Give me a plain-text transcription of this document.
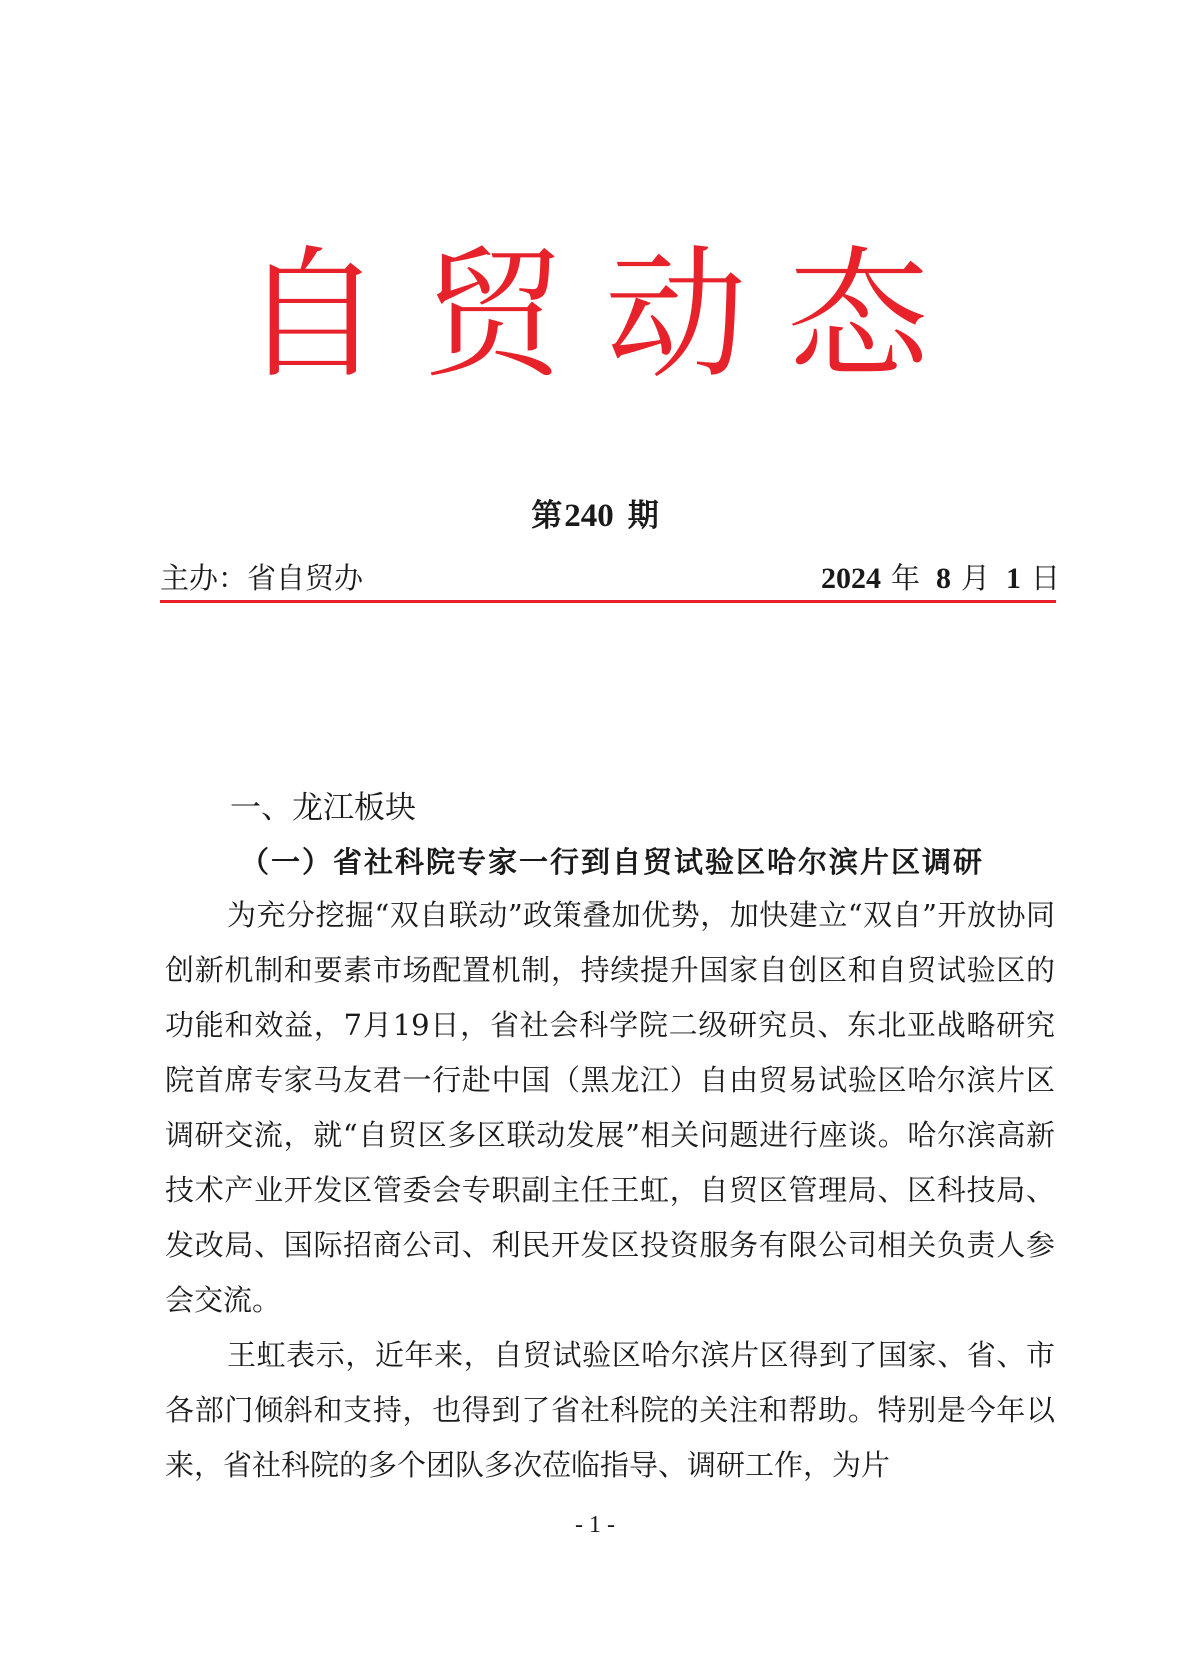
自贸动态
第240 期
主办：省自贸办	2024 年 8 月 1 日
一、龙江板块
（一）省社科院专家一行到自贸试验区哈尔滨片区调研

为充分挖掘“双自联动”政策叠加优势，加快建立“双自”开放协同创新机制和要素市场配置机制，持续提升国家自创区和自贸试验区的功能和效益，7月19日，省社会科学院二级研究员、东北亚战略研究院首席专家马友君一行赴中国（黑龙江）自由贸易试验区哈尔滨片区调研交流，就“自贸区多区联动发展”相关问题进行座谈。哈尔滨高新技术产业开发区管委会专职副主任王虹，自贸区管理局、区科技局、发改局、国际招商公司、利民开发区投资服务有限公司相关负责人参会交流。

王虹表示，近年来，自贸试验区哈尔滨片区得到了国家、省、市各部门倾斜和支持，也得到了省社科院的关注和帮助。特别是今年以来，省社科院的多个团队多次莅临指导、调研工作，为片

- 1 -
